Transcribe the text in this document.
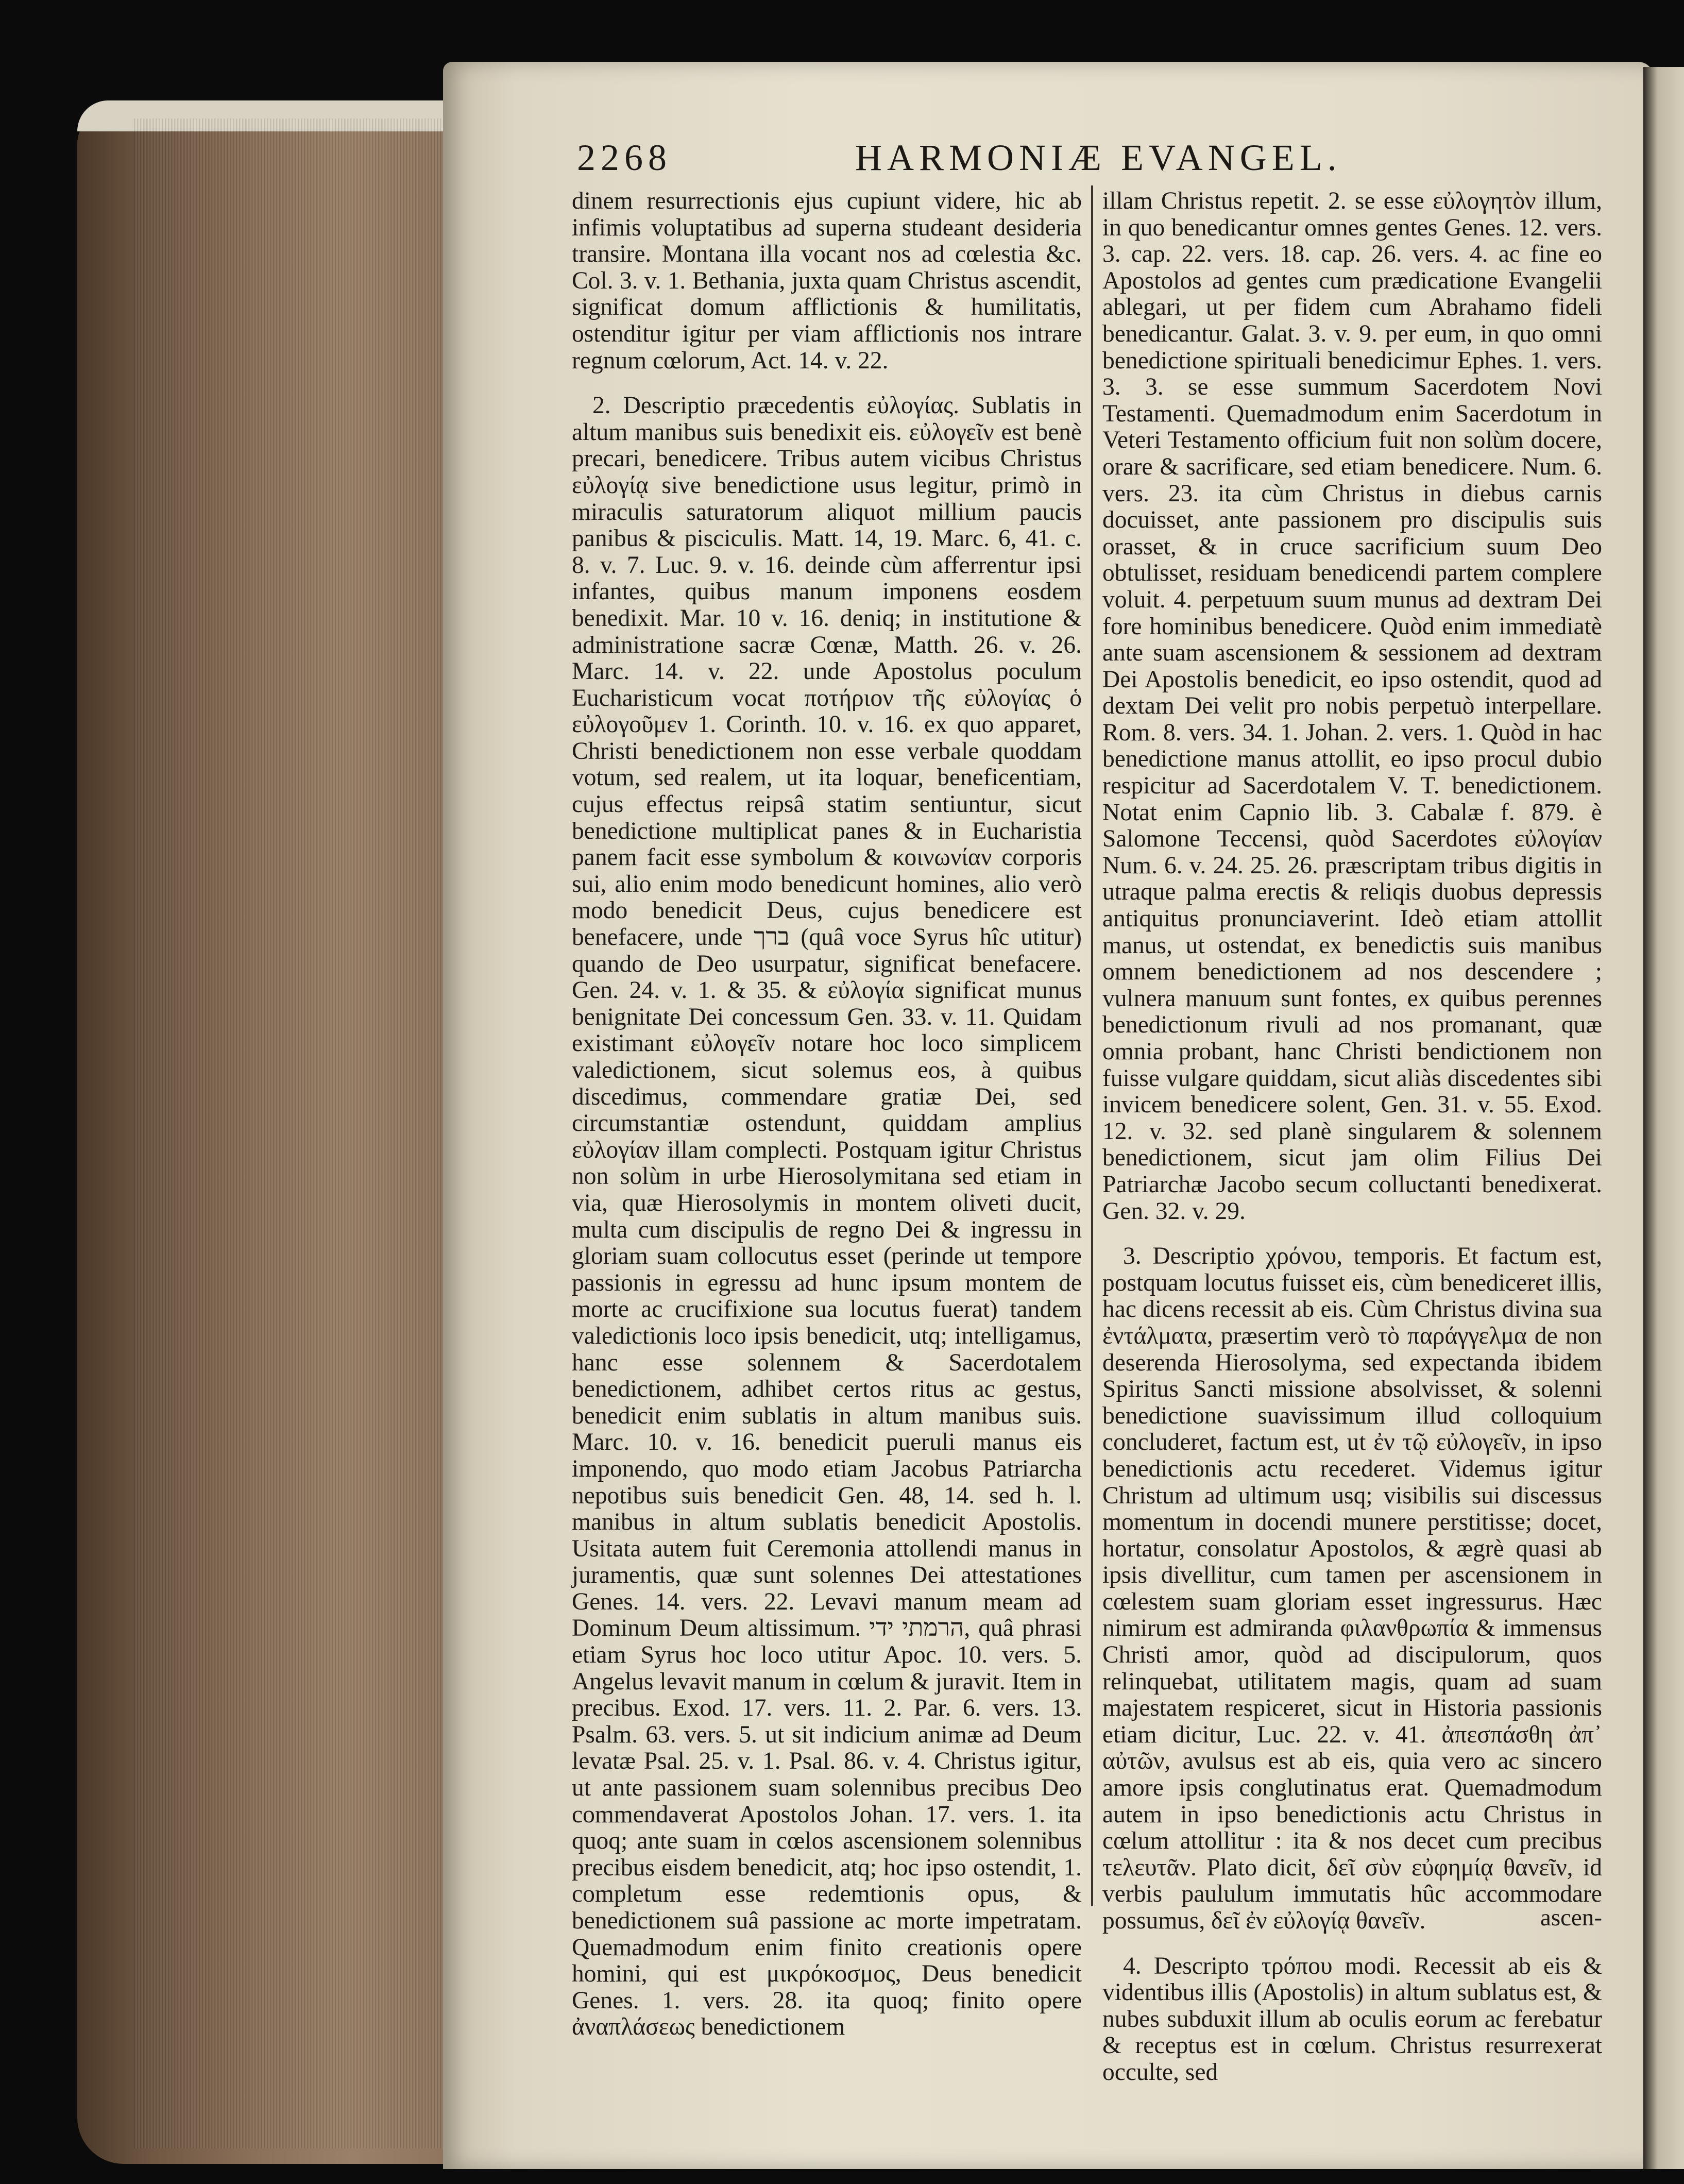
2268	HARMONIÆ EVANGEL.

dinem resurrectionis ejus cupiunt videre, hic ab infimis voluptatibus ad superna studeant desideria transire. Montana illa vocant nos ad cœlestia &c. Col. 3. v. 1. Bethania, juxta quam Christus ascendit, significat domum afflictionis & humilitatis, ostenditur igitur per viam afflictionis nos intrare regnum cœlorum, Act. 14. v. 22.

2. Descriptio præcedentis εὐλογίας. Sublatis in altum manibus suis benedixit eis. εὐλογεῖν est benè precari, benedicere. Tribus autem vicibus Christus εὐλογίᾳ sive benedictione usus legitur, primò in miraculis saturatorum aliquot millium paucis panibus & pisciculis. Matt. 14, 19. Marc. 6, 41. c. 8. v. 7. Luc. 9. v. 16. deinde cùm afferrentur ipsi infantes, quibus manum imponens eosdem benedixit. Mar. 10 v. 16. deniq; in institutione & administratione sacræ Cœnæ, Matth. 26. v. 26. Marc. 14. v. 22. unde Apostolus poculum Eucharisticum vocat ποτήριον τῆς εὐλογίας ὁ εὐλογοῦμεν 1. Corinth. 10. v. 16. ex quo apparet, Christi benedictionem non esse verbale quoddam votum, sed realem, ut ita loquar, beneficentiam, cujus effectus reipsâ statim sentiuntur, sicut benedictione multiplicat panes & in Eucharistia panem facit esse symbolum & κοινωνίαν corporis sui, alio enim modo benedicunt homines, alio verò modo benedicit Deus, cujus benedicere est benefacere, unde ברך (quâ voce Syrus hîc utitur) quando de Deo usurpatur, significat benefacere. Gen. 24. v. 1. & 35. & εὐλογία significat munus benignitate Dei concessum Gen. 33. v. 11. Quidam existimant εὐλογεῖν notare hoc loco simplicem valedictionem, sicut solemus eos, à quibus discedimus, commendare gratiæ Dei, sed circumstantiæ ostendunt, quiddam amplius εὐλογίαν illam complecti. Postquam igitur Christus non solùm in urbe Hierosolymitana sed etiam in via, quæ Hierosolymis in montem oliveti ducit, multa cum discipulis de regno Dei & ingressu in gloriam suam collocutus esset (perinde ut tempore passionis in egressu ad hunc ipsum montem de morte ac crucifixione sua locutus fuerat) tandem valedictionis loco ipsis benedicit, utq; intelligamus, hanc esse solennem & Sacerdotalem benedictionem, adhibet certos ritus ac gestus, benedicit enim sublatis in altum manibus suis. Marc. 10. v. 16. benedicit pueruli manus eis imponendo, quo modo etiam Jacobus Patriarcha nepotibus suis benedicit Gen. 48, 14. sed h. l. manibus in altum sublatis benedicit Apostolis. Usitata autem fuit Ceremonia attollendi manus in juramentis, quæ sunt solennes Dei attestationes Genes. 14. vers. 22. Levavi manum meam ad Dominum Deum altissimum. הרמתי ידי, quâ phrasi etiam Syrus hoc loco utitur Apoc. 10. vers. 5. Angelus levavit manum in cœlum & juravit. Item in precibus. Exod. 17. vers. 11. 2. Par. 6. vers. 13. Psalm. 63. vers. 5. ut sit indicium animæ ad Deum levatæ Psal. 25. v. 1. Psal. 86. v. 4. Christus igitur, ut ante passionem suam solennibus precibus Deo commendaverat Apostolos Johan. 17. vers. 1. ita quoq; ante suam in cœlos ascensionem solennibus precibus eisdem benedicit, atq; hoc ipso ostendit, 1. completum esse redemtionis opus, & benedictionem suâ passione ac morte impetratam. Quemadmodum enim finito creationis opere homini, qui est μικρόκοσμος, Deus benedicit Genes. 1. vers. 28. ita quoq; finito opere ἀναπλάσεως benedictionem

illam Christus repetit. 2. se esse εὐλογητὸν illum, in quo benedicantur omnes gentes Genes. 12. vers. 3. cap. 22. vers. 18. cap. 26. vers. 4. ac fine eo Apostolos ad gentes cum prædicatione Evangelii ablegari, ut per fidem cum Abrahamo fideli benedicantur. Galat. 3. v. 9. per eum, in quo omni benedictione spirituali benedicimur Ephes. 1. vers. 3. 3. se esse summum Sacerdotem Novi Testamenti. Quemadmodum enim Sacerdotum in Veteri Testamento officium fuit non solùm docere, orare & sacrificare, sed etiam benedicere. Num. 6. vers. 23. ita cùm Christus in diebus carnis docuisset, ante passionem pro discipulis suis orasset, & in cruce sacrificium suum Deo obtulisset, residuam benedicendi partem complere voluit. 4. perpetuum suum munus ad dextram Dei fore hominibus benedicere. Quòd enim immediatè ante suam ascensionem & sessionem ad dextram Dei Apostolis benedicit, eo ipso ostendit, quod ad dextam Dei velit pro nobis perpetuò interpellare. Rom. 8. vers. 34. 1. Johan. 2. vers. 1. Quòd in hac benedictione manus attollit, eo ipso procul dubio respicitur ad Sacerdotalem V. T. benedictionem. Notat enim Capnio lib. 3. Cabalæ f. 879. è Salomone Teccensi, quòd Sacerdotes εὐλογίαν Num. 6. v. 24. 25. 26. præscriptam tribus digitis in utraque palma erectis & reliqis duobus depressis antiquitus pronunciaverint. Ideò etiam attollit manus, ut ostendat, ex benedictis suis manibus omnem benedictionem ad nos descendere ; vulnera manuum sunt fontes, ex quibus perennes benedictionum rivuli ad nos promanant, quæ omnia probant, hanc Christi bendictionem non fuisse vulgare quiddam, sicut aliàs discedentes sibi invicem benedicere solent, Gen. 31. v. 55. Exod. 12. v. 32. sed planè singularem & solennem benedictionem, sicut jam olim Filius Dei Patriarchæ Jacobo secum colluctanti benedixerat. Gen. 32. v. 29.

3. Descriptio χρόνου, temporis. Et factum est, postquam locutus fuisset eis, cùm benediceret illis, hac dicens recessit ab eis. Cùm Christus divina sua ἐντάλματα, præsertim verò τὸ παράγγελμα de non deserenda Hierosolyma, sed expectanda ibidem Spiritus Sancti missione absolvisset, & solenni benedictione suavissimum illud colloquium concluderet, factum est, ut ἐν τῷ εὐλογεῖν, in ipso benedictionis actu recederet. Videmus igitur Christum ad ultimum usq; visibilis sui discessus momentum in docendi munere perstitisse; docet, hortatur, consolatur Apostolos, & ægrè quasi ab ipsis divellitur, cum tamen per ascensionem in cœlestem suam gloriam esset ingressurus. Hæc nimirum est admiranda φιλανθρωπία & immensus Christi amor, quòd ad discipulorum, quos relinquebat, utilitatem magis, quam ad suam majestatem respiceret, sicut in Historia passionis etiam dicitur, Luc. 22. v. 41. ἀπεσπάσθη ἀπ᾽ αὐτῶν, avulsus est ab eis, quia vero ac sincero amore ipsis conglutinatus erat. Quemadmodum autem in ipso benedictionis actu Christus in cœlum attollitur : ita & nos decet cum precibus τελευτᾶν. Plato dicit, δεῖ σὺν εὐφημίᾳ θανεῖν, id verbis paululum immutatis hûc accommodare possumus, δεῖ ἐν εὐλογίᾳ θανεῖν.

4. Descripto τρόπου modi. Recessit ab eis & videntibus illis (Apostolis) in altum sublatus est, & nubes subduxit illum ab oculis eorum ac ferebatur & receptus est in cœlum. Christus resurrexerat occulte, sed

ascen-
